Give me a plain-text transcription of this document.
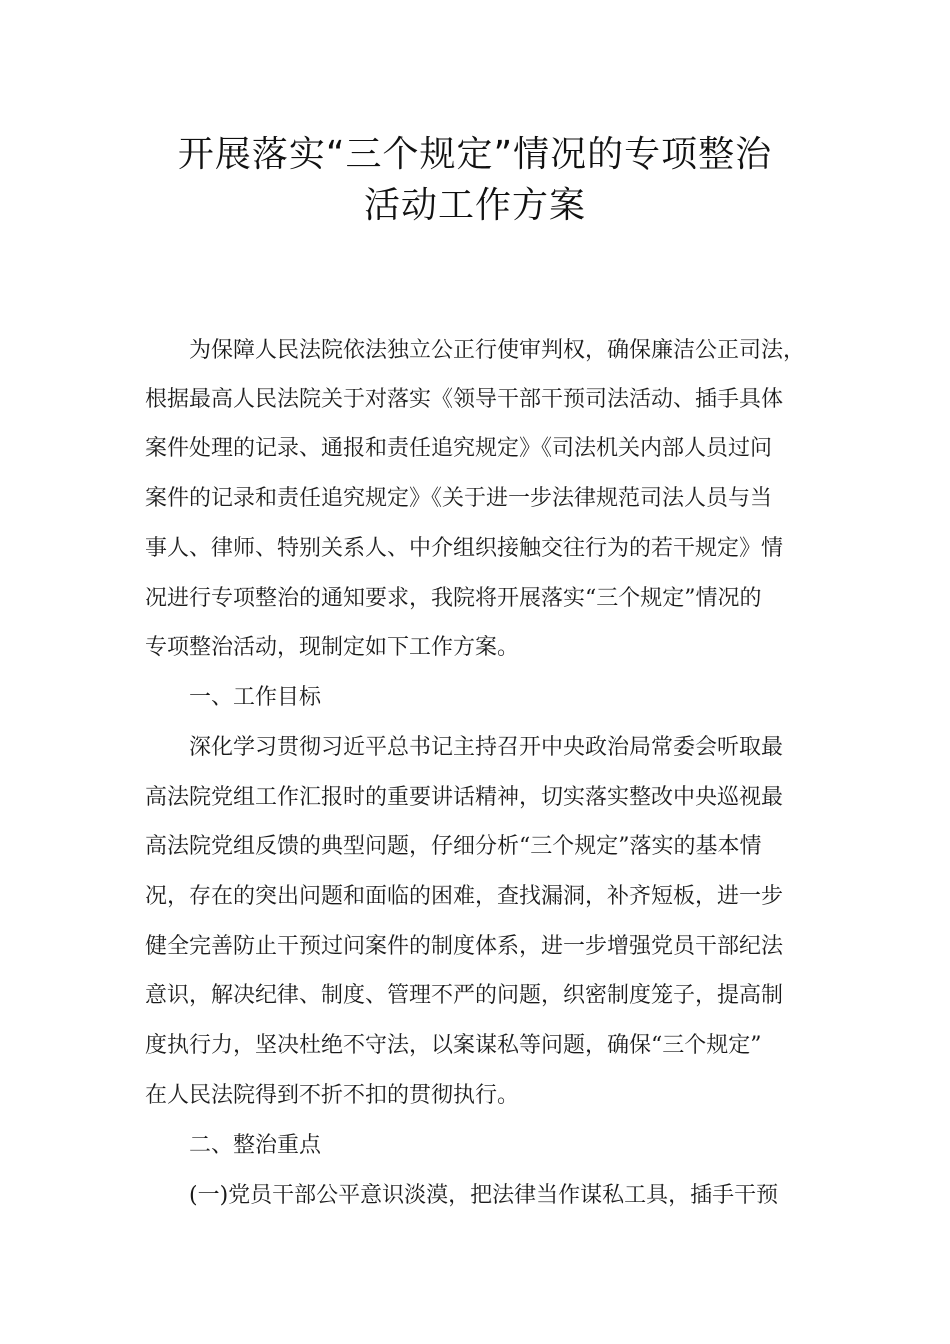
开展落实“三个规定”情况的专项整治
活动工作方案

为保障人民法院依法独立公正行使审判权，确保廉洁公正司法，

根据最高人民法院关于对落实《领导干部干预司法活动、插手具体

案件处理的记录、通报和责任追究规定》《司法机关内部人员过问

案件的记录和责任追究规定》《关于进一步法律规范司法人员与当

事人、律师、特别关系人、中介组织接触交往行为的若干规定》情

况进行专项整治的通知要求，我院将开展落实“三个规定”情况的

专项整治活动，现制定如下工作方案。

一、工作目标

深化学习贯彻习近平总书记主持召开中央政治局常委会听取最

高法院党组工作汇报时的重要讲话精神，切实落实整改中央巡视最

高法院党组反馈的典型问题，仔细分析“三个规定”落实的基本情

况，存在的突出问题和面临的困难，查找漏洞，补齐短板，进一步

健全完善防止干预过问案件的制度体系，进一步增强党员干部纪法

意识，解决纪律、制度、管理不严的问题，织密制度笼子，提高制

度执行力，坚决杜绝不守法，以案谋私等问题，确保“三个规定”

在人民法院得到不折不扣的贯彻执行。

二、整治重点

(一)党员干部公平意识淡漠，把法律当作谋私工具，插手干预
